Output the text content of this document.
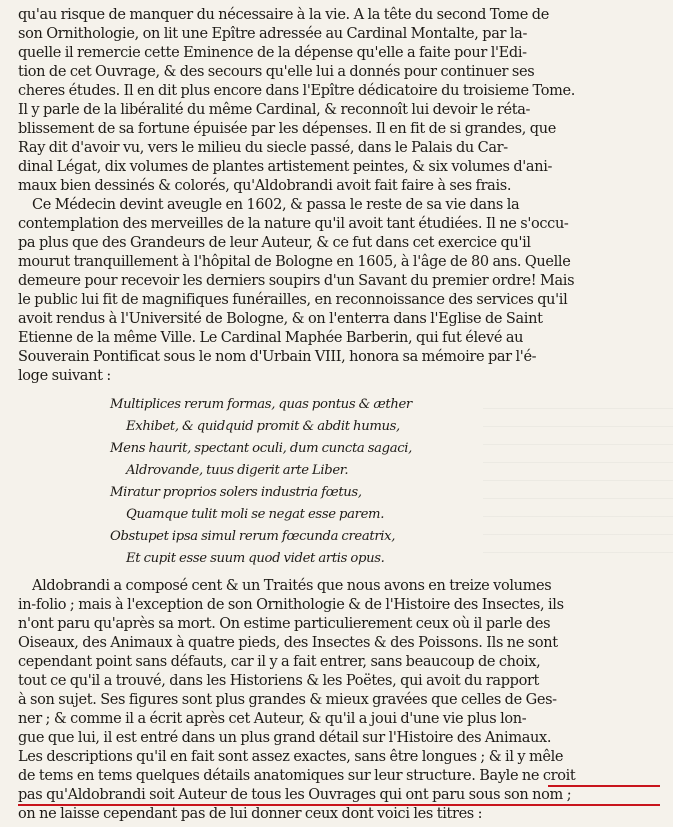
qu'au risque de manquer du nécessaire à la vie. A la tête du second Tome de
son Ornithologie, on lit une Epître adressée au Cardinal Montalte, par la-
quelle il remercie cette Eminence de la dépense qu'elle a faite pour l'Edi-
tion de cet Ouvrage, & des secours qu'elle lui a donnés pour continuer ses
cheres études. Il en dit plus encore dans l'Epître dédicatoire du troisieme Tome.
Il y parle de la libéralité du même Cardinal, & reconnoît lui devoir le réta-
blissement de sa fortune épuisée par les dépenses. Il en fit de si grandes, que
Ray dit d'avoir vu, vers le milieu du siecle passé, dans le Palais du Car-
dinal Légat, dix volumes de plantes artistement peintes, & six volumes d'ani-
maux bien dessinés & colorés, qu'Aldobrandi avoit fait faire à ses frais.
Ce Médecin devint aveugle en 1602, & passa le reste de sa vie dans la
contemplation des merveilles de la nature qu'il avoit tant étudiées. Il ne s'occu-
pa plus que des Grandeurs de leur Auteur, & ce fut dans cet exercice qu'il
mourut tranquillement à l'hôpital de Bologne en 1605, à l'âge de 80 ans. Quelle
demeure pour recevoir les derniers soupirs d'un Savant du premier ordre! Mais
le public lui fit de magnifiques funérailles, en reconnoissance des services qu'il
avoit rendus à l'Université de Bologne, & on l'enterra dans l'Eglise de Saint
Etienne de la même Ville. Le Cardinal Maphée Barberin, qui fut élevé au
Souverain Pontificat sous le nom d'Urbain VIII, honora sa mémoire par l'é-
loge suivant :
Multiplices rerum formas, quas pontus & æther
Exhibet, & quidquid promit & abdit humus,
Mens haurit, spectant oculi, dum cuncta sagaci,
Aldrovande, tuus digerit arte Liber.
Miratur proprios solers industria fœtus,
Quamque tulit moli se negat esse parem.
Obstupet ipsa simul rerum fœcunda creatrix,
Et cupit esse suum quod videt artis opus.
Aldobrandi a composé cent & un Traités que nous avons en treize volumes
in-folio ; mais à l'exception de son Ornithologie & de l'Histoire des Insectes, ils
n'ont paru qu'après sa mort. On estime particulierement ceux où il parle des
Oiseaux, des Animaux à quatre pieds, des Insectes & des Poissons. Ils ne sont
cependant point sans défauts, car il y a fait entrer, sans beaucoup de choix,
tout ce qu'il a trouvé, dans les Historiens & les Poëtes, qui avoit du rapport
à son sujet. Ses figures sont plus grandes & mieux gravées que celles de Ges-
ner ; & comme il a écrit après cet Auteur, & qu'il a joui d'une vie plus lon-
gue que lui, il est entré dans un plus grand détail sur l'Histoire des Animaux.
Les descriptions qu'il en fait sont assez exactes, sans être longues ; & il y mêle
de tems en tems quelques détails anatomiques sur leur structure. Bayle ne croit
pas qu'Aldobrandi soit Auteur de tous les Ouvrages qui ont paru sous son nom ;
on ne laisse cependant pas de lui donner ceux dont voici les titres :
